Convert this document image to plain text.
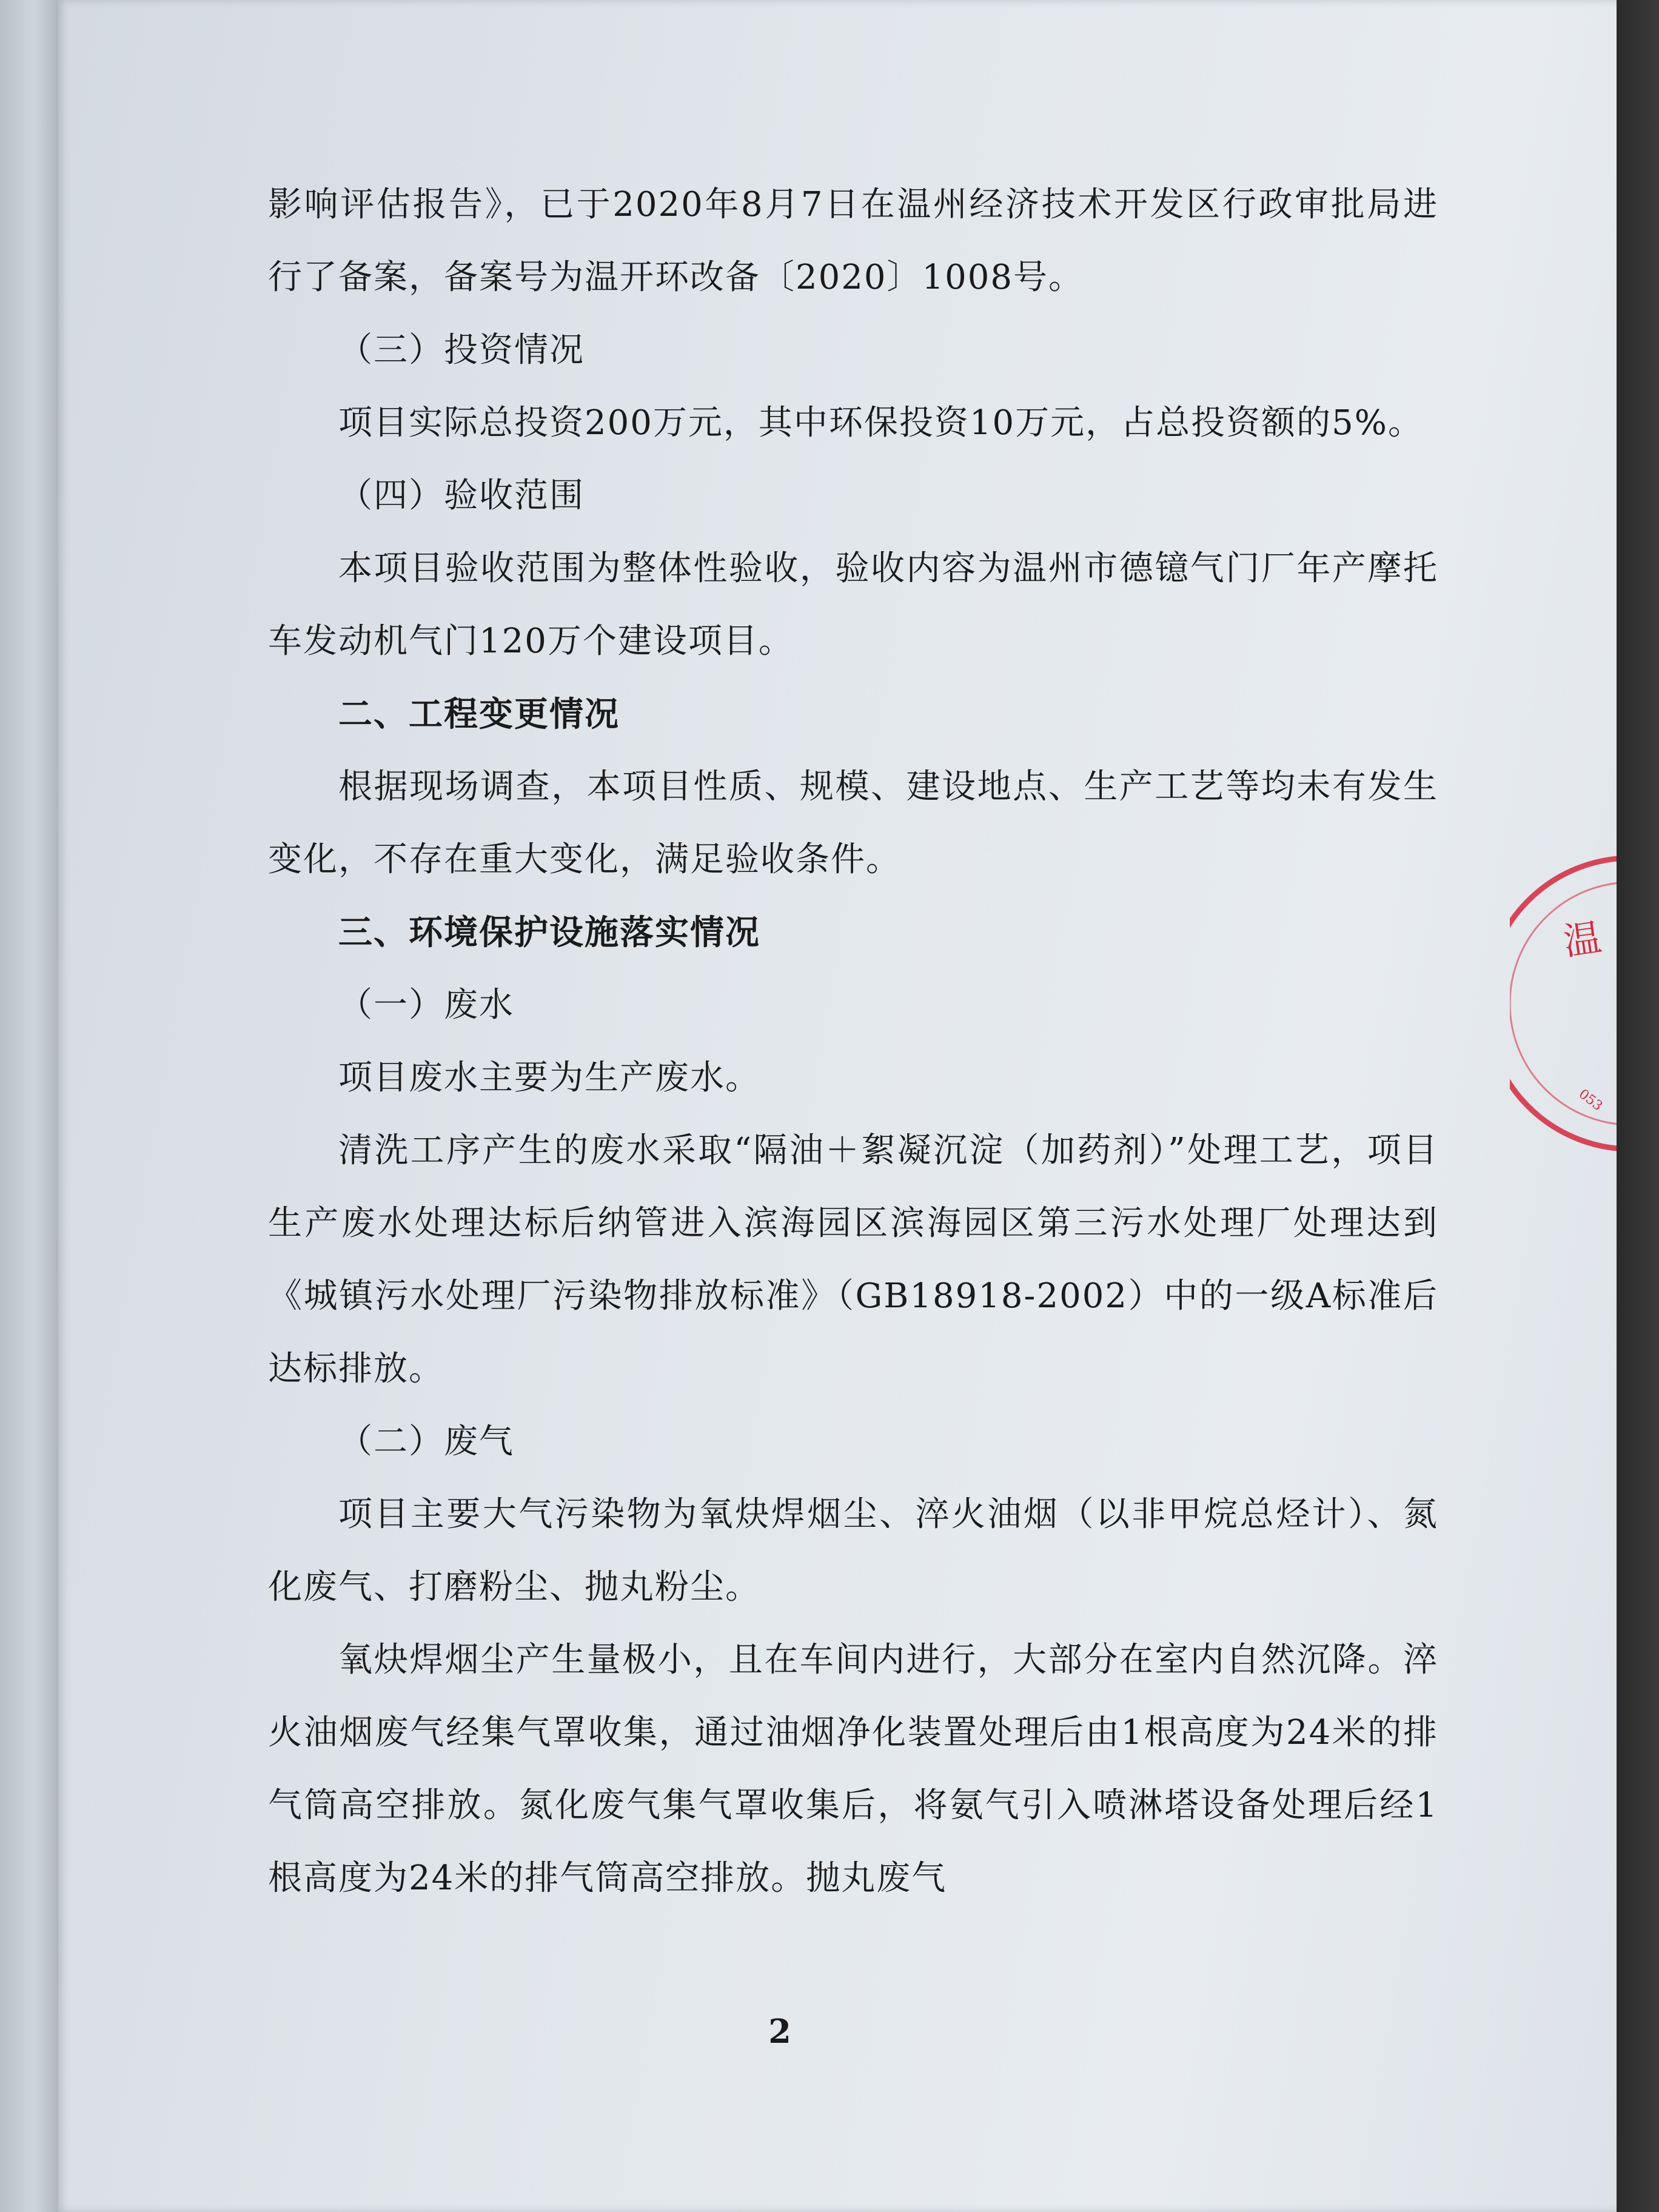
影响评估报告》，已于2020年8月7日在温州经济技术开发区行政审批局进行了备案，备案号为温开环改备〔2020〕1008号。

（三）投资情况

项目实际总投资200万元，其中环保投资10万元，占总投资额的5%。

（四）验收范围

本项目验收范围为整体性验收，验收内容为温州市德镱气门厂年产摩托车发动机气门120万个建设项目。

二、工程变更情况

根据现场调查，本项目性质、规模、建设地点、生产工艺等均未有发生变化，不存在重大变化，满足验收条件。

三、环境保护设施落实情况

（一）废水

项目废水主要为生产废水。

清洗工序产生的废水采取“隔油＋絮凝沉淀（加药剂）”处理工艺，项目生产废水处理达标后纳管进入滨海园区滨海园区第三污水处理厂处理达到《城镇污水处理厂污染物排放标准》（GB18918-2002）中的一级A标准后达标排放。

（二）废气

项目主要大气污染物为氧炔焊烟尘、淬火油烟（以非甲烷总烃计）、氮化废气、打磨粉尘、抛丸粉尘。

氧炔焊烟尘产生量极小，且在车间内进行，大部分在室内自然沉降。淬火油烟废气经集气罩收集，通过油烟净化装置处理后由1根高度为24米的排气筒高空排放。氮化废气集气罩收集后，将氨气引入喷淋塔设备处理后经1根高度为24米的排气筒高空排放。抛丸废气

2
温
053
